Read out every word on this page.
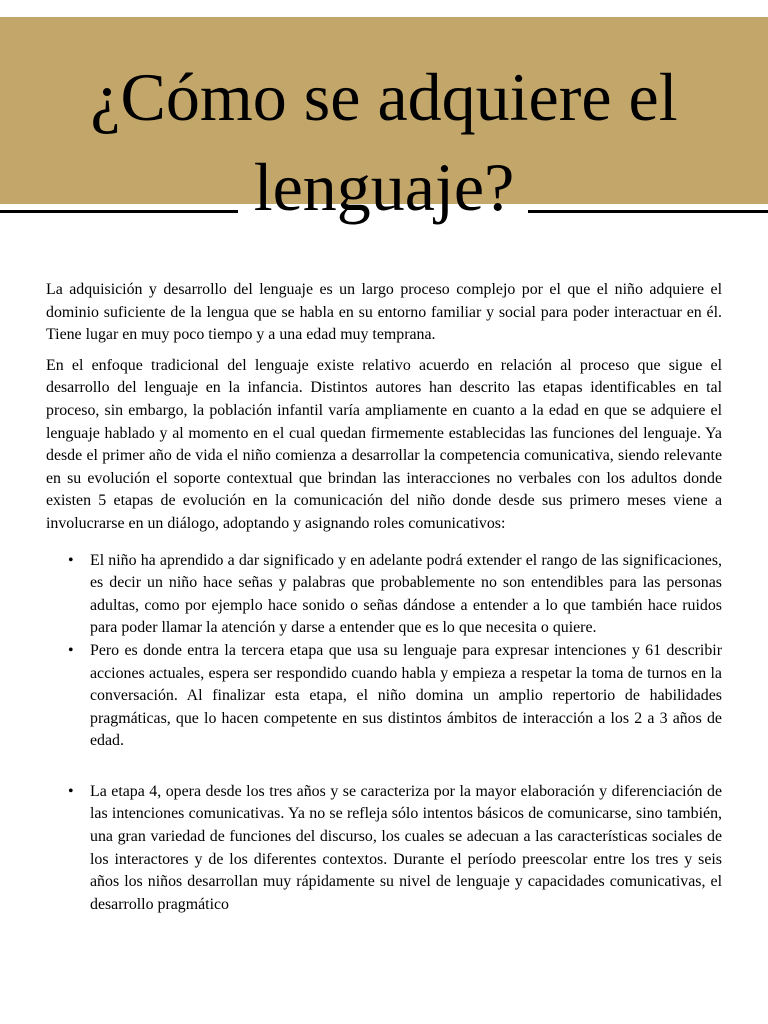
¿Cómo se adquiere el
lenguaje?

La adquisición y desarrollo del lenguaje es un largo proceso complejo por el que el niño adquiere el dominio suficiente de la lengua que se habla en su entorno familiar y social para poder interactuar en él. Tiene lugar en muy poco tiempo y a una edad muy temprana.

En el enfoque tradicional del lenguaje existe relativo acuerdo en relación al proceso que sigue el desarrollo del lenguaje en la infancia. Distintos autores han descrito las etapas identificables en tal proceso, sin embargo, la población infantil varía ampliamente en cuanto a la edad en que se adquiere el lenguaje hablado y al momento en el cual quedan firmemente establecidas las funciones del lenguaje. Ya desde el primer año de vida el niño comienza a desarrollar la competencia comunicativa, siendo relevante en su evolución el soporte contextual que brindan las interacciones no verbales con los adultos donde existen 5 etapas de evolución en la comunicación del niño donde desde sus primero meses viene a involucrarse en un diálogo, adoptando y asignando roles comunicativos:

• El niño ha aprendido a dar significado y en adelante podrá extender el rango de las significaciones, es decir un niño hace señas y palabras que probablemente no son entendibles para las personas adultas, como por ejemplo hace sonido o señas dándose a entender a lo que también hace ruidos para poder llamar la atención y darse a entender que es lo que necesita o quiere.
• Pero es donde entra la tercera etapa que usa su lenguaje para expresar intenciones y 61 describir acciones actuales, espera ser respondido cuando habla y empieza a respetar la toma de turnos en la conversación. Al finalizar esta etapa, el niño domina un amplio repertorio de habilidades pragmáticas, que lo hacen competente en sus distintos ámbitos de interacción a los 2 a 3 años de edad.
• La etapa 4, opera desde los tres años y se caracteriza por la mayor elaboración y diferenciación de las intenciones comunicativas. Ya no se refleja sólo intentos básicos de comunicarse, sino también, una gran variedad de funciones del discurso, los cuales se adecuan a las características sociales de los interactores y de los diferentes contextos. Durante el período preescolar entre los tres y seis años los niños desarrollan muy rápidamente su nivel de lenguaje y capacidades comunicativas, el desarrollo pragmático
